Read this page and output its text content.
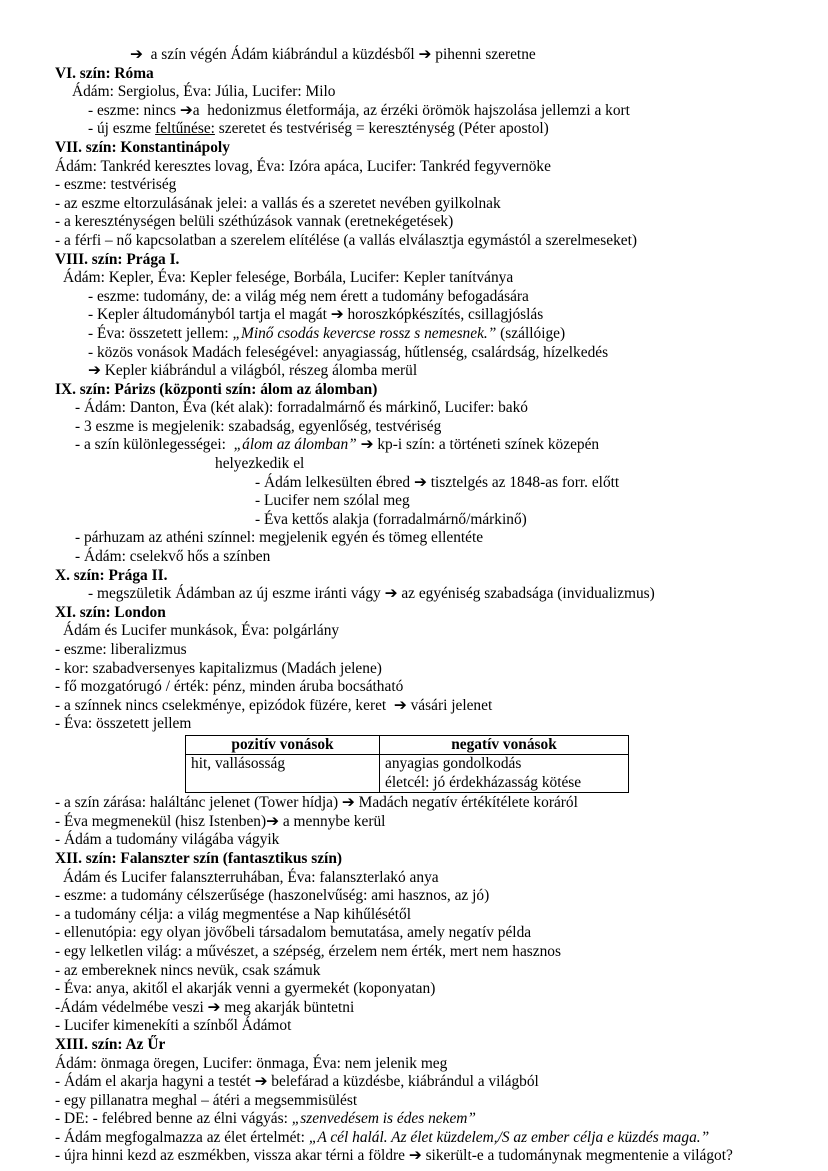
➔  a szín végén Ádám kiábrándul a küzdésből ➔ pihenni szeretne
VI. szín: Róma
Ádám: Sergiolus, Éva: Júlia, Lucifer: Milo
- eszme: nincs ➔a  hedonizmus életformája, az érzéki örömök hajszolása jellemzi a kort
- új eszme feltűnése: szeretet és testvériség = kereszténység (Péter apostol)
VII. szín: Konstantinápoly
Ádám: Tankréd keresztes lovag, Éva: Izóra apáca, Lucifer: Tankréd fegyvernöke
- eszme: testvériség
- az eszme eltorzulásának jelei: a vallás és a szeretet nevében gyilkolnak
- a kereszténységen belüli széthúzások vannak (eretnekégetések)
- a férfi – nő kapcsolatban a szerelem elítélése (a vallás elválasztja egymástól a szerelmeseket)
VIII. szín: Prága I.
Ádám: Kepler, Éva: Kepler felesége, Borbála, Lucifer: Kepler tanítványa
- eszme: tudomány, de: a világ még nem érett a tudomány befogadására
- Kepler áltudományból tartja el magát ➔ horoszkópkészítés, csillagjóslás
- Éva: összetett jellem: „Minő csodás kevercse rossz s nemesnek.” (szállóige)
- közös vonások Madách feleségével: anyagiasság, hűtlenség, csalárdság, hízelkedés
➔ Kepler kiábrándul a világból, részeg álomba merül
IX. szín: Párizs (központi szín: álom az álomban)
- Ádám: Danton, Éva (két alak): forradalmárnő és márkinő, Lucifer: bakó
- 3 eszme is megjelenik: szabadság, egyenlőség, testvériség
- a szín különlegességei:  „álom az álomban” ➔ kp-i szín: a történeti színek közepén
helyezkedik el
- Ádám lelkesülten ébred ➔ tisztelgés az 1848-as forr. előtt
- Lucifer nem szólal meg
- Éva kettős alakja (forradalmárnő/márkinő)
- párhuzam az athéni színnel: megjelenik egyén és tömeg ellentéte
- Ádám: cselekvő hős a színben
X. szín: Prága II.
- megszületik Ádámban az új eszme iránti vágy ➔ az egyéniség szabadsága (invidualizmus)
XI. szín: London
Ádám és Lucifer munkások, Éva: polgárlány
- eszme: liberalizmus
- kor: szabadversenyes kapitalizmus (Madách jelene)
- fő mozgatórugó / érték: pénz, minden áruba bocsátható
- a színnek nincs cselekménye, epizódok füzére, keret  ➔ vásári jelenet
- Éva: összetett jellem
pozitív vonások	negatív vonások

hit, vallásosság	anyagias gondolkodás
életcél: jó érdekházasság kötése
- a szín zárása: haláltánc jelenet (Tower hídja) ➔ Madách negatív értékítélete koráról
- Éva megmenekül (hisz Istenben)➔ a mennybe kerül
- Ádám a tudomány világába vágyik
XII. szín: Falanszter szín (fantasztikus szín)
Ádám és Lucifer falanszterruhában, Éva: falanszterlakó anya
- eszme: a tudomány célszerűsége (haszonelvűség: ami hasznos, az jó)
- a tudomány célja: a világ megmentése a Nap kihűlésétől
- ellenutópia: egy olyan jövőbeli társadalom bemutatása, amely negatív példa
- egy lelketlen világ: a művészet, a szépség, érzelem nem érték, mert nem hasznos
- az embereknek nincs nevük, csak számuk
- Éva: anya, akitől el akarják venni a gyermekét (koponyatan)
-Ádám védelmébe veszi ➔ meg akarják büntetni
- Lucifer kimenekíti a színből Ádámot
XIII. szín: Az Űr
Ádám: önmaga öregen, Lucifer: önmaga, Éva: nem jelenik meg
- Ádám el akarja hagyni a testét ➔ belefárad a küzdésbe, kiábrándul a világból
- egy pillanatra meghal – átéri a megsemmisülést
- DE: - felébred benne az élni vágyás: „szenvedésem is édes nekem”
- Ádám megfogalmazza az élet értelmét: „A cél halál. Az élet küzdelem,/S az ember célja e küzdés maga.”
- újra hinni kezd az eszmékben, vissza akar térni a földre ➔ sikerült-e a tudománynak megmentenie a világot?
